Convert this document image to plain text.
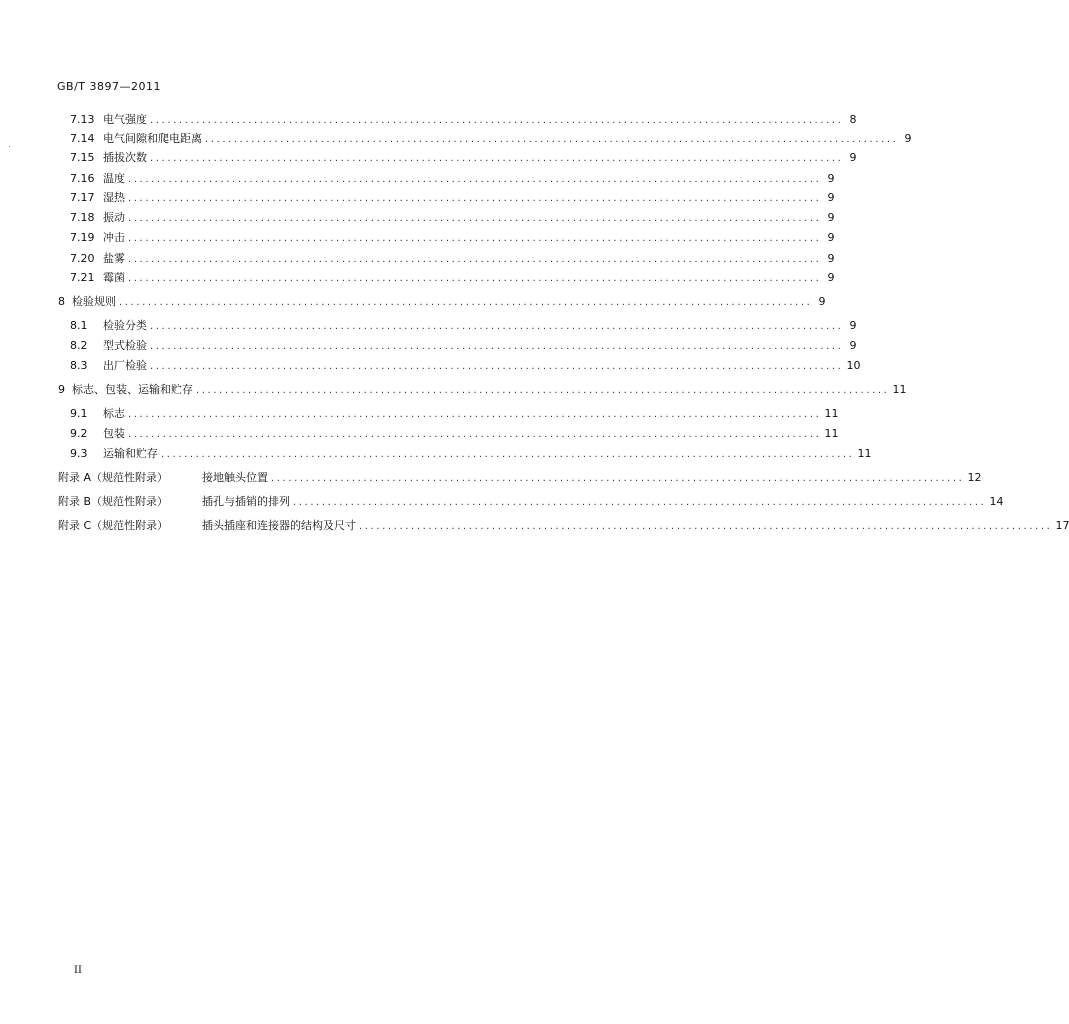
GB/T 3897—2011
7.13 电气强度 ........................................................................................................................ 8
7.14 电气间隙和爬电距离 ........................................................................................................................ 9
7.15 插拔次数 ........................................................................................................................ 9
7.16 温度 ........................................................................................................................ 9
7.17 湿热 ........................................................................................................................ 9
7.18 振动 ........................................................................................................................ 9
7.19 冲击 ........................................................................................................................ 9
7.20 盐雾 ........................................................................................................................ 9
7.21 霉菌 ........................................................................................................................ 9
8 检验规则 ........................................................................................................................ 9
8.1	检验分类 ........................................................................................................................ 9
8.2	型式检验 ........................................................................................................................ 9
8.3	出厂检验 ........................................................................................................................ 10
9 标志、包装、运输和贮存 ........................................................................................................................ 11
9.1	标志 ........................................................................................................................ 11
9.2	包装 ........................................................................................................................ 11
9.3	运输和贮存 ........................................................................................................................ 11
附录 A（规范性附录）	接地触头位置 ........................................................................................................................ 12
附录 B（规范性附录）	插孔与插销的排列 ........................................................................................................................ 14
附录 C（规范性附录）	插头插座和连接器的结构及尺寸 ........................................................................................................................ 17
II
